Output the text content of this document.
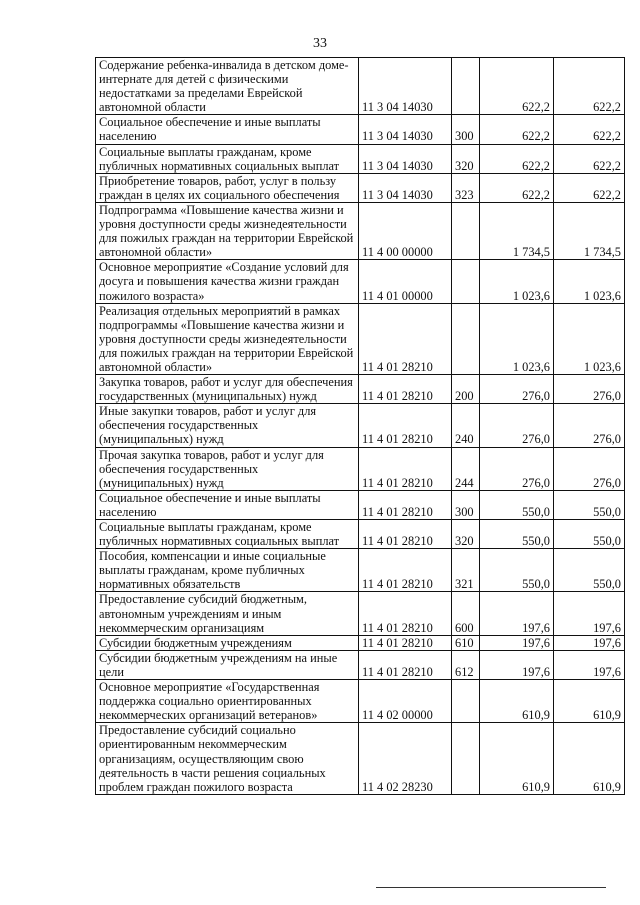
33
Содержание ребенка-инвалида в детском доме-интернате для детей с физическими недостатками за пределами Еврейской автономной области	11 3 04 14030		622,2	622,2
Социальное обеспечение и иные выплаты населению	11 3 04 14030	300	622,2	622,2
Социальные выплаты гражданам, кроме публичных нормативных социальных выплат	11 3 04 14030	320	622,2	622,2
Приобретение товаров, работ, услуг в пользу граждан в целях их социального обеспечения	11 3 04 14030	323	622,2	622,2
Подпрограмма «Повышение качества жизни и уровня доступности среды жизнедеятельности для пожилых граждан на территории Еврейской автономной области»	11 4 00 00000		1 734,5	1 734,5
Основное мероприятие «Создание условий для досуга и повышения качества жизни граждан пожилого возраста»	11 4 01 00000		1 023,6	1 023,6
Реализация отдельных мероприятий в рамках подпрограммы «Повышение качества жизни и уровня доступности среды жизнедеятельности для пожилых граждан на территории Еврейской автономной области»	11 4 01 28210		1 023,6	1 023,6
Закупка товаров, работ и услуг для обеспечения государственных (муниципальных) нужд	11 4 01 28210	200	276,0	276,0
Иные закупки товаров, работ и услуг для обеспечения государственных (муниципальных) нужд	11 4 01 28210	240	276,0	276,0
Прочая закупка товаров, работ и услуг для обеспечения государственных (муниципальных) нужд	11 4 01 28210	244	276,0	276,0
Социальное обеспечение и иные выплаты населению	11 4 01 28210	300	550,0	550,0
Социальные выплаты гражданам, кроме публичных нормативных социальных выплат	11 4 01 28210	320	550,0	550,0
Пособия, компенсации и иные социальные выплаты гражданам, кроме публичных нормативных обязательств	11 4 01 28210	321	550,0	550,0
Предоставление субсидий бюджетным, автономным учреждениям и иным некоммерческим организациям	11 4 01 28210	600	197,6	197,6
Субсидии бюджетным учреждениям	11 4 01 28210	610	197,6	197,6
Субсидии бюджетным учреждениям на иные цели	11 4 01 28210	612	197,6	197,6
Основное мероприятие «Государственная поддержка социально ориентированных некоммерческих организаций ветеранов»	11 4 02 00000		610,9	610,9
Предоставление субсидий социально ориентированным некоммерческим организациям, осуществляющим свою деятельность в части решения социальных проблем граждан пожилого возраста	11 4 02 28230		610,9	610,9
